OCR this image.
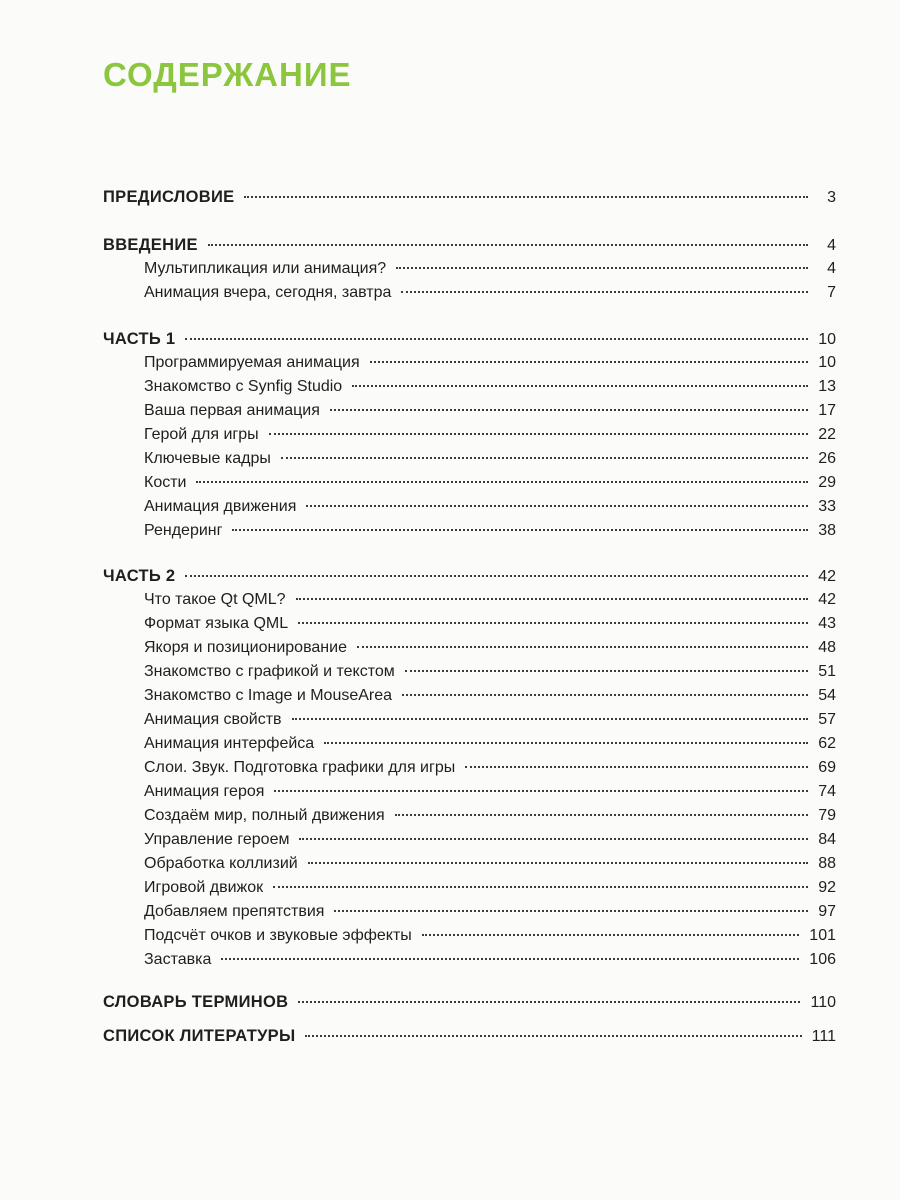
СОДЕРЖАНИЕ
ПРЕДИСЛОВИЕ	3
ВВЕДЕНИЕ	4
Мультипликация или анимация?	4
Анимация вчера, сегодня, завтра	7
ЧАСТЬ 1	10
Программируемая анимация	10
Знакомство с Synfig Studio	13
Ваша первая анимация	17
Герой для игры	22
Ключевые кадры	26
Кости	29
Анимация движения	33
Рендеринг	38
ЧАСТЬ 2	42
Что такое Qt QML?	42
Формат языка QML	43
Якоря и позиционирование	48
Знакомство с графикой и текстом	51
Знакомство с Image и MouseArea	54
Анимация свойств	57
Анимация интерфейса	62
Слои. Звук. Подготовка графики для игры	69
Анимация героя	74
Создаём мир, полный движения	79
Управление героем	84
Обработка коллизий	88
Игровой движок	92
Добавляем препятствия	97
Подсчёт очков и звуковые эффекты	101
Заставка	106
СЛОВАРЬ ТЕРМИНОВ	110
СПИСОК ЛИТЕРАТУРЫ	111
